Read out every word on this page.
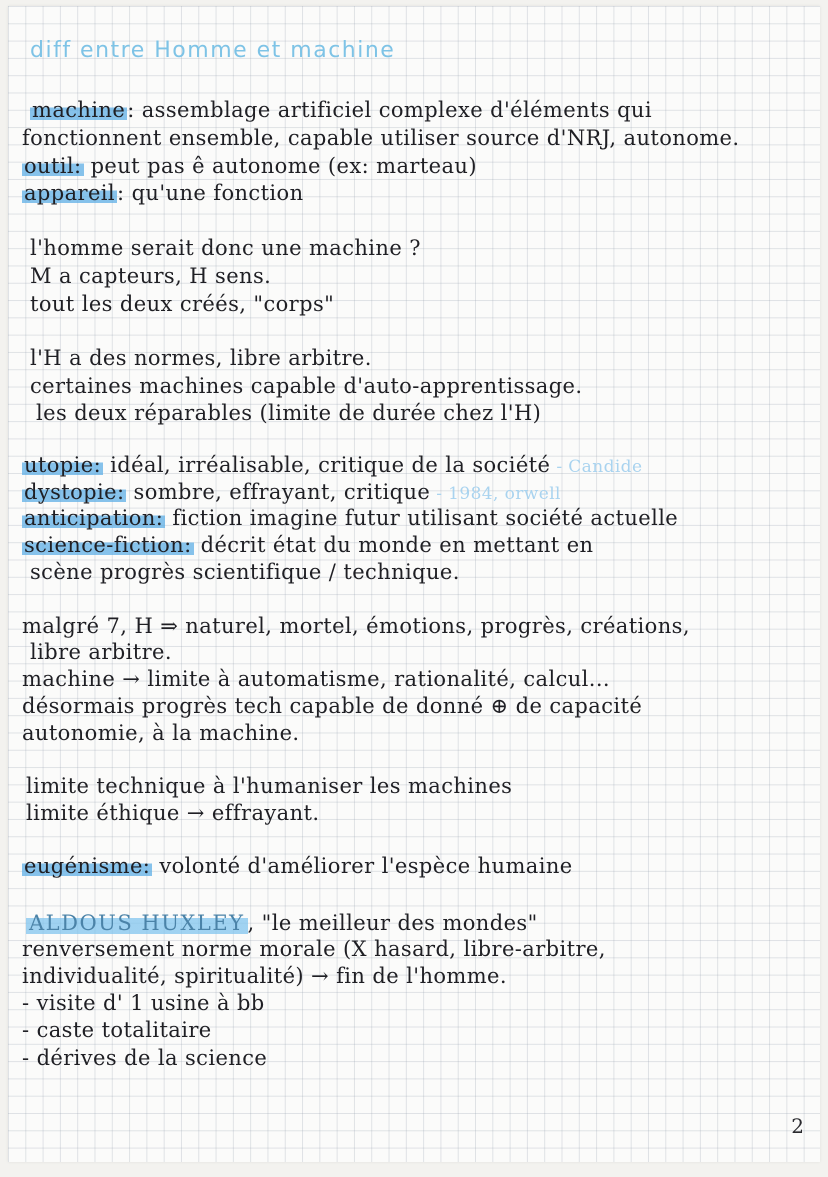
diff entre Homme et machine
machine: assemblage artificiel complexe d'éléments qui
fonctionnent ensemble, capable utiliser source d'NRJ, autonome.
outil: peut pas ê autonome (ex: marteau)
appareil: qu'une fonction
l'homme serait donc une machine ?
M a capteurs, H sens.
tout les deux créés, "corps"
l'H a des normes, libre arbitre.
certaines machines capable d'auto-apprentissage.
les deux réparables (limite de durée chez l'H)
utopie: idéal, irréalisable, critique de la société - Candide
dystopie: sombre, effrayant, critique - 1984, orwell
anticipation: fiction imagine futur utilisant société actuelle
science-fiction: décrit état du monde en mettant en
scène progrès scientifique / technique.
malgré 7, H ⇒ naturel, mortel, émotions, progrès, créations,
libre arbitre.
machine → limite à automatisme, rationalité, calcul...
désormais progrès tech capable de donné ⊕ de capacité
autonomie, à la machine.
limite technique à l'humaniser les machines
limite éthique → effrayant.
eugénisme: volonté d'améliorer l'espèce humaine
ALDOUS HUXLEY , "le meilleur des mondes"
renversement norme morale (X hasard, libre-arbitre,
individualité, spiritualité) → fin de l'homme.
- visite d' 1 usine à bb
- caste totalitaire
- dérives de la science
2
